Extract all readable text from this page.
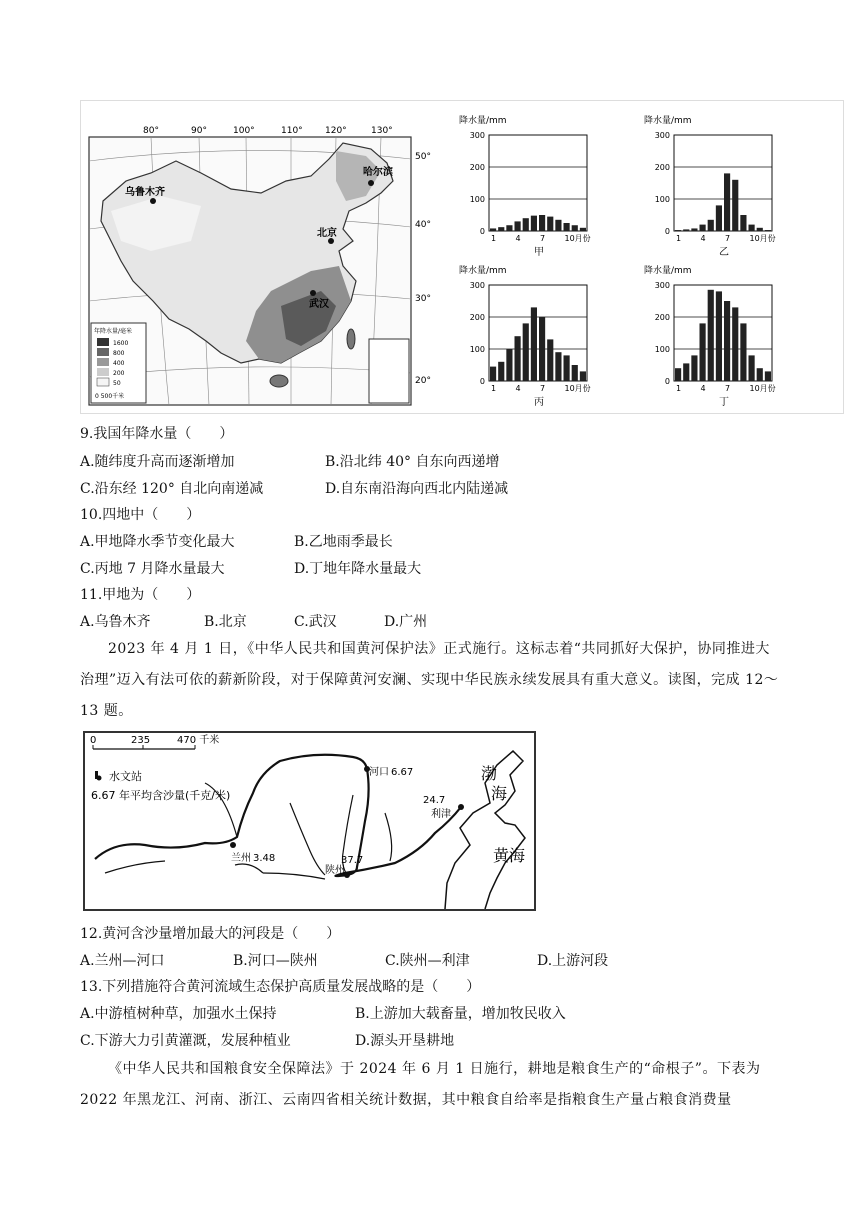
年降水量/毫米
1600
800
400
200
50
0 500千米
80°	90°	100°	110° 120°	130°
50°
40°
30°
20°
乌鲁木齐
哈尔滨
北京
武汉
降水量/mm
0
100
200
300
1 4 7 10月份
甲
降水量/mm
0
100
200
300
1 4 7 10月份
乙
降水量/mm
0
100
200
300
1 4 7 10月份
丙
降水量/mm
0
100
200
300
1 4 7 10月份
丁
9.我国年降水量（　　）
A.随纬度升高而逐渐增加	B.沿北纬 40° 自东向西递增
C.沿东经 120° 自北向南递减	D.自东南沿海向西北内陆递减
10.四地中（　　）
A.甲地降水季节变化最大	B.乙地雨季最长
C.丙地 7 月降水量最大	D.丁地年降水量最大
11.甲地为（　　）
A.乌鲁木齐	B.北京	C.武汉	D.广州
2023 年 4 月 1 日，《中华人民共和国黄河保护法》正式施行。这标志着“共同抓好大保护，协同推进大治理”迈入有法可依的薪新阶段，对于保障黄河安澜、实现中华民族永续发展具有重大意义。读图，完成 12～13 题。
0	235	470 千米
水文站
6.67 年平均含沙量(千克/米)
河口 6.67
兰州 3.48
陕州
37.7
利津
24.7
渤
海
黄海
12.黄河含沙量增加最大的河段是（　　）
A.兰州—河口	B.河口—陕州	C.陕州—利津	D.上游河段
13.下列措施符合黄河流域生态保护高质量发展战略的是（　　）
A.中游植树种草，加强水土保持	B.上游加大载畜量，增加牧民收入
C.下游大力引黄灌溉，发展种植业	D.源头开垦耕地
《中华人民共和国粮食安全保障法》于 2024 年 6 月 1 日施行，耕地是粮食生产的“命根子”。下表为 2022 年黑龙江、河南、浙江、云南四省相关统计数据，其中粮食自给率是指粮食生产量占粮食消费量
